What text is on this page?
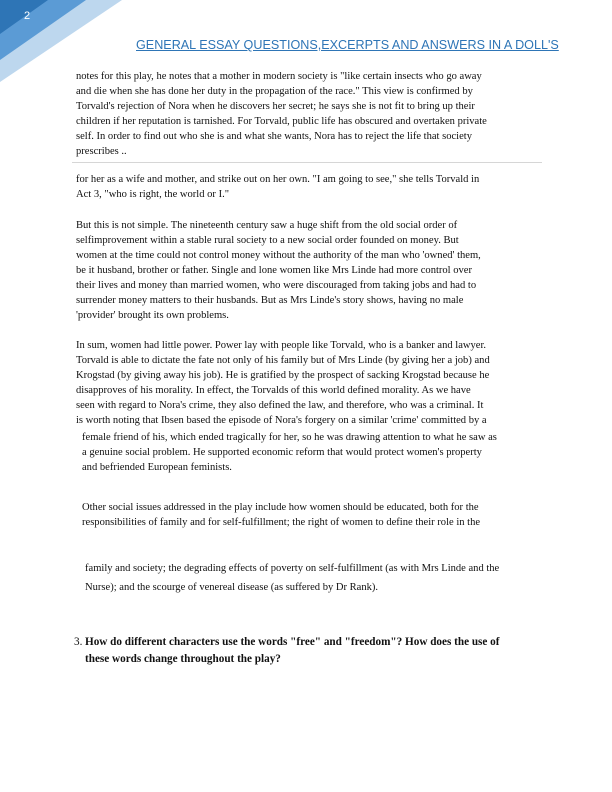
2
GENERAL ESSAY QUESTIONS,EXCERPTS AND ANSWERS IN A DOLL'S
notes for this play, he notes that a mother in modern society is "like certain insects who go away
and die when she has done her duty in the propagation of the race." This view is confirmed by
Torvald's rejection of Nora when he discovers her secret; he says she is not fit to bring up their
children if her reputation is tarnished. For Torvald, public life has obscured and overtaken private
self. In order to find out who she is and what she wants, Nora has to reject the life that society
prescribes ..
for her as a wife and mother, and strike out on her own. "I am going to see," she tells Torvald in
Act 3, "who is right, the world or I."
But this is not simple. The nineteenth century saw a huge shift from the old social order of
selfimprovement within a stable rural society to a new social order founded on money. But
women at the time could not control money without the authority of the man who 'owned' them,
be it husband, brother or father. Single and lone women like Mrs Linde had more control over
their lives and money than married women, who were discouraged from taking jobs and had to
surrender money matters to their husbands. But as Mrs Linde's story shows, having no male
'provider' brought its own problems.
In sum, women had little power. Power lay with people like Torvald, who is a banker and lawyer.
Torvald is able to dictate the fate not only of his family but of Mrs Linde (by giving her a job) and
Krogstad (by giving away his job). He is gratified by the prospect of sacking Krogstad because he
disapproves of his morality. In effect, the Torvalds of this world defined morality. As we have
seen with regard to Nora's crime, they also defined the law, and therefore, who was a criminal. It
is worth noting that Ibsen based the episode of Nora's forgery on a similar 'crime' committed by a
female friend of his, which ended tragically for her, so he was drawing attention to what he saw as
a genuine social problem. He supported economic reform that would protect women's property
and befriended European feminists.
Other social issues addressed in the play include how women should be educated, both for the
responsibilities of family and for self-fulfillment; the right of women to define their role in the
family and society; the degrading effects of poverty on self-fulfillment (as with Mrs Linde and the
Nurse); and the scourge of venereal disease (as suffered by Dr Rank).
3. How do different characters use the words "free" and "freedom"? How does the use of
these words change throughout the play?
